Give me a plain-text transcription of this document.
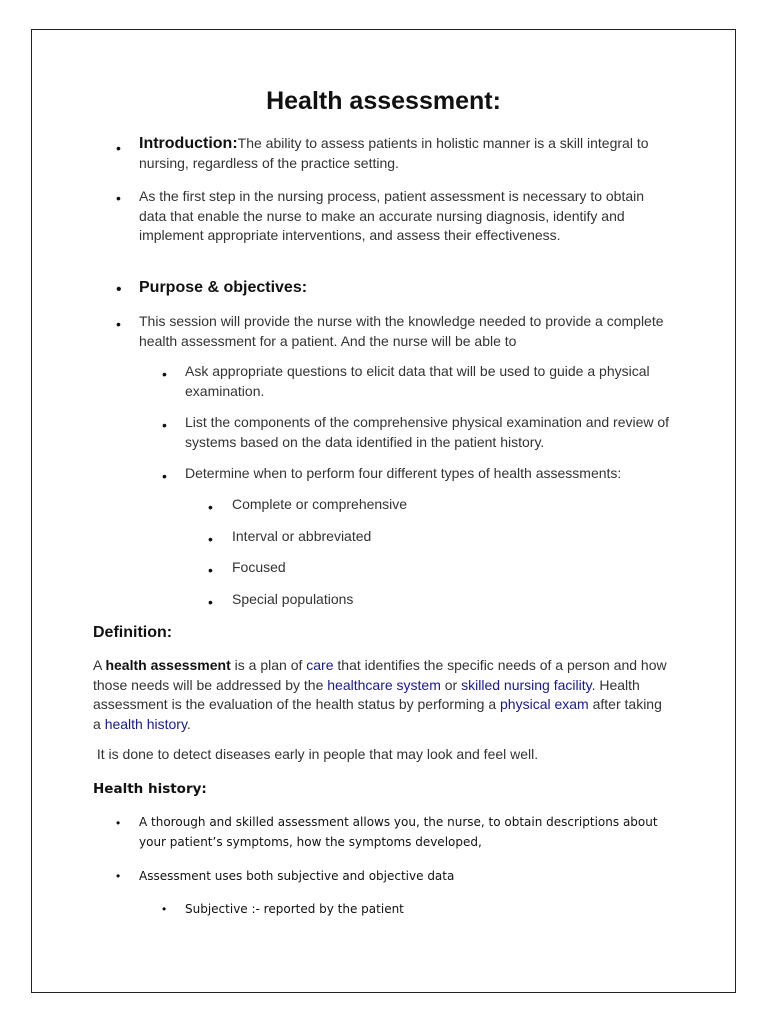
Health assessment:
• Introduction:The ability to assess patients in holistic manner is a skill integral to nursing, regardless of the practice setting.
• As the first step in the nursing process, patient assessment is necessary to obtain data that enable the nurse to make an accurate nursing diagnosis, identify and implement appropriate interventions, and assess their effectiveness.
• Purpose & objectives:
• This session will provide the nurse with the knowledge needed to provide a complete health assessment for a patient. And the nurse will be able to
• Ask appropriate questions to elicit data that will be used to guide a physical examination.
• List the components of the comprehensive physical examination and review of systems based on the data identified in the patient history.
• Determine when to perform four different types of health assessments:
• Complete or comprehensive
• Interval or abbreviated
• Focused
• Special populations
Definition:
A health assessment is a plan of care that identifies the specific needs of a person and how those needs will be addressed by the healthcare system or skilled nursing facility. Health assessment is the evaluation of the health status by performing a physical exam after taking a health history.
It is done to detect diseases early in people that may look and feel well.
Health history:
• A thorough and skilled assessment allows you, the nurse, to obtain descriptions about your patient’s symptoms, how the symptoms developed,
• Assessment uses both subjective and objective data
• Subjective :- reported by the patient
